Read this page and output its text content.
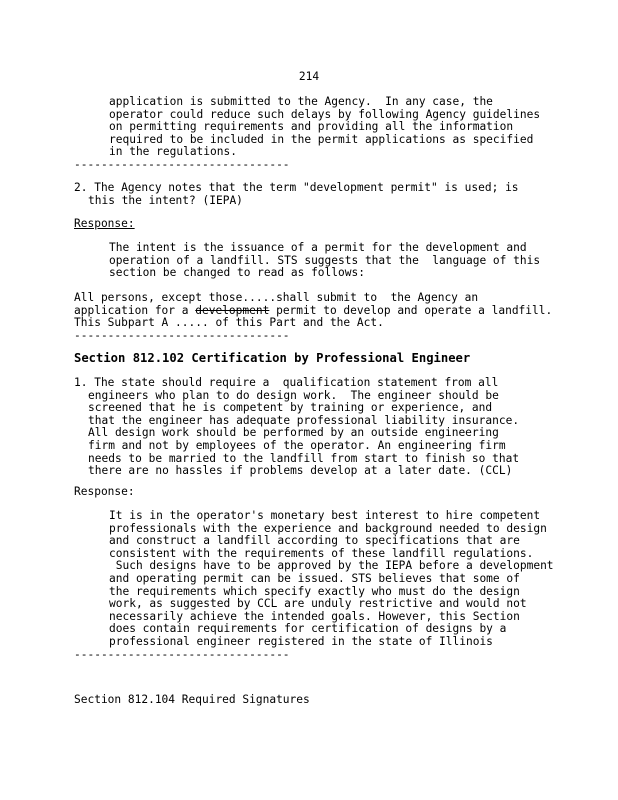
214
application is submitted to the Agency.  In any case, the
operator could reduce such delays by following Agency guidelines
on permitting requirements and providing all the information
required to be included in the permit applications as specified
in the regulations.
--------------------------------
2. The Agency notes that the term "development permit" is used; is
this the intent? (IEPA)
Response:
The intent is the issuance of a permit for the development and
operation of a landfill. STS suggests that the  language of this
section be changed to read as follows:
All persons, except those.....shall submit to  the Agency an
application for a development permit to develop and operate a landfill.
This Subpart A ..... of this Part and the Act.
--------------------------------
Section 812.102 Certification by Professional Engineer
1. The state should require a  qualification statement from all
engineers who plan to do design work.  The engineer should be
screened that he is competent by training or experience, and
that the engineer has adequate professional liability insurance.
All design work should be performed by an outside engineering
firm and not by employees of the operator. An engineering firm
needs to be married to the landfill from start to finish so that
there are no hassles if problems develop at a later date. (CCL)
Response:
It is in the operator's monetary best interest to hire competent
professionals with the experience and background needed to design
and construct a landfill according to specifications that are
consistent with the requirements of these landfill regulations.
Such designs have to be approved by the IEPA before a development
and operating permit can be issued. STS believes that some of
the requirements which specify exactly who must do the design
work, as suggested by CCL are unduly restrictive and would not
necessarily achieve the intended goals. However, this Section
does contain requirements for certification of designs by a
professional engineer registered in the state of Illinois
--------------------------------
Section 812.104 Required Signatures
